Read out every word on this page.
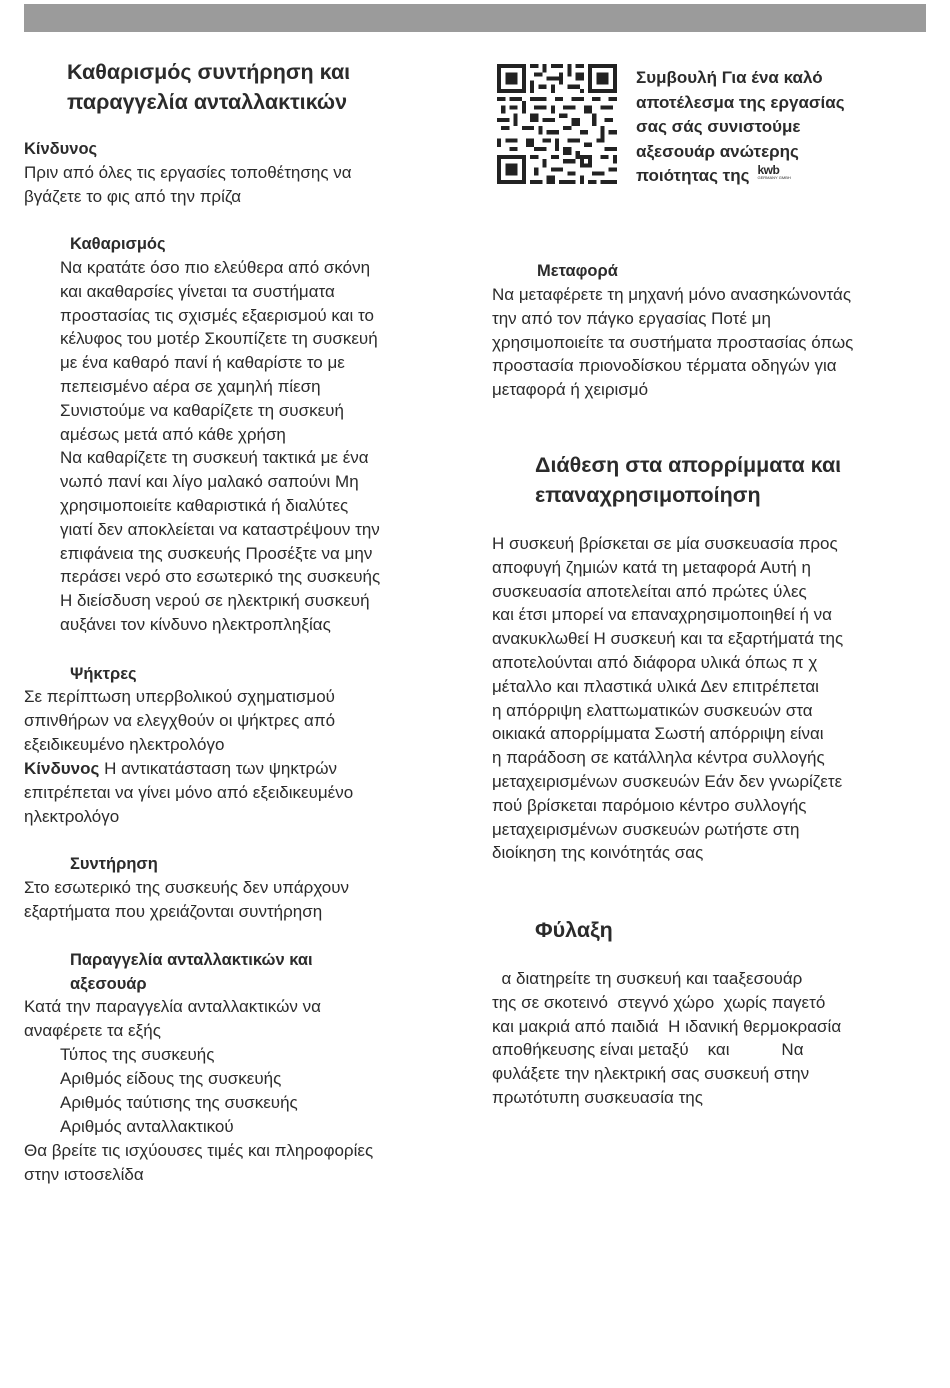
Καθαρισμός συντήρηση και
παραγγελία ανταλλακτικών
Κίνδυνος

Πριν από όλες τις εργασίες τοποθέτησης να
βγάζετε το φις από την πρίζα

Καθαρισμός

Να κρατάτε όσο πιο ελεύθερα από σκόνη
και ακαθαρσίες γίνεται τα συστήματα
προστασίας τις σχισμές εξαερισμού και το
κέλυφος του μοτέρ Σκουπίζετε τη συσκευή
με ένα καθαρό πανί ή καθαρίστε το με
πεπεισμένο αέρα σε χαμηλή πίεση
Συνιστούμε να καθαρίζετε τη συσκευή
αμέσως μετά από κάθε χρήση
Να καθαρίζετε τη συσκευή τακτικά με ένα
νωπό πανί και λίγο μαλακό σαπούνι Μη
χρησιμοποιείτε καθαριστικά ή διαλύτες
γιατί δεν αποκλείεται να καταστρέψουν την
επιφάνεια της συσκευής Προσέξτε να μην
περάσει νερό στο εσωτερικό της συσκευής
Η διείσδυση νερού σε ηλεκτρική συσκευή
αυξάνει τον κίνδυνο ηλεκτροπληξίας

Ψήκτρες

Σε περίπτωση υπερβολικού σχηματισμού
σπινθήρων να ελεγχθούν οι ψήκτρες από
εξειδικευμένο ηλεκτρολόγο

Κίνδυνος Η αντικατάσταση των ψηκτρών
επιτρέπεται να γίνει μόνο από εξειδικευμένο
ηλεκτρολόγο

Συντήρηση

Στο εσωτερικό της συσκευής δεν υπάρχουν
εξαρτήματα που χρειάζονται συντήρηση

Παραγγελία ανταλλακτικών και
αξεσουάρ

Κατά την παραγγελία ανταλλακτικών να
αναφέρετε τα εξής

Τύπος της συσκευής

Αριθμός είδους της συσκευής

Αριθμός ταύτισης της συσκευής

Αριθμός ανταλλακτικού

Θα βρείτε τις ισχύουσες τιμές και πληροφορίες
στην ιστοσελίδα

Συμβουλή Για ένα καλό
αποτέλεσμα της εργασίας
σας σάς συνιστούμε
αξεσουάρ ανώτερης
ποιότητας της kwb
GERMANY GMBH

Μεταφορά

Να μεταφέρετε τη μηχανή μόνο ανασηκώνοντάς
την από τον πάγκο εργασίας Ποτέ μη
χρησιμοποιείτε τα συστήματα προστασίας όπως
προστασία πριονοδίσκου τέρματα οδηγών για
μεταφορά ή χειρισμό

Διάθεση στα απορρίμματα και
επαναχρησιμοποίηση

Η συσκευή βρίσκεται σε μία συσκευασία προς
αποφυγή ζημιών κατά τη μεταφορά Αυτή η
συσκευασία αποτελείται από πρώτες ύλες
και έτσι μπορεί να επαναχρησιμοποιηθεί ή να
ανακυκλωθεί Η συσκευή και τα εξαρτήματά της
αποτελούνται από διάφορα υλικά όπως π χ
μέταλλο και πλαστικά υλικά Δεν επιτρέπεται
η απόρριψη ελαττωματικών συσκευών στα
οικιακά απορρίμματα Σωστή απόρριψη είναι
η παράδοση σε κατάλληλα κέντρα συλλογής
μεταχειρισμένων συσκευών Εάν δεν γνωρίζετε
πού βρίσκεται παρόμοιο κέντρο συλλογής
μεταχειρισμένων συσκευών ρωτήστε στη
διοίκηση της κοινότητάς σας

Φύλαξη

α διατηρείτε τη συσκευή και ταaξεσουάρ
της σε σκοτεινό  στεγνό χώρο  χωρίς παγετό
και μακριά από παιδιά  Η ιδανική θερμοκρασία
αποθήκευσης είναι μεταξύ    και           Να
φυλάξετε την ηλεκτρική σας συσκευή στην
πρωτότυπη συσκευασία της
